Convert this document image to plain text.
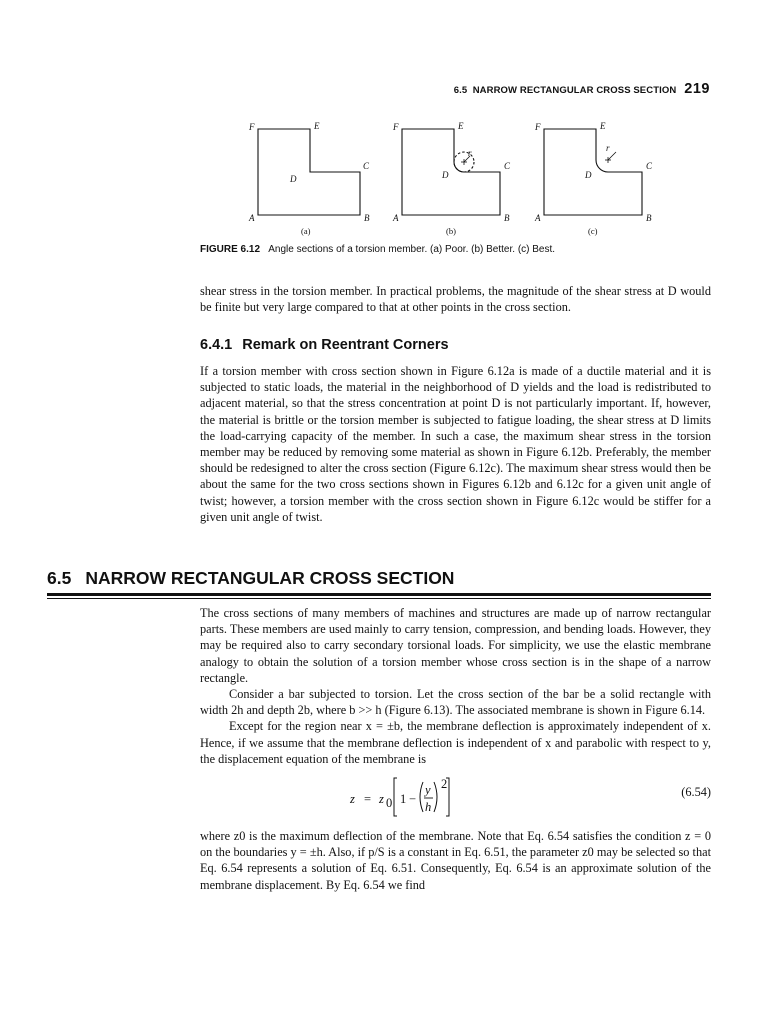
6.5
NARROW RECTANGULAR CROSS SECTION 219
F	E
C
D
A	B
(a)
F	E
C
D
r
A	B
(b)
F	E
C
D
r
A	B
(c)
FIGURE 6.12 Angle sections of a torsion member. (a) Poor. (b) Better. (c) Best.

shear stress in the torsion member. In practical problems, the magnitude of the shear stress at D would be finite but very large compared to that at other points in the cross section.

6.4.1 Remark on Reentrant Corners

If a torsion member with cross section shown in Figure 6.12a is made of a ductile material and it is subjected to static loads, the material in the neighborhood of D yields and the load is redistributed to adjacent material, so that the stress concentration at point D is not particularly important. If, however, the material is brittle or the torsion member is subjected to fatigue loading, the shear stress at D limits the load-carrying capacity of the member. In such a case, the maximum shear stress in the torsion member may be reduced by removing some material as shown in Figure 6.12b. Preferably, the member should be redesigned to alter the cross section (Figure 6.12c). The maximum shear stress would then be about the same for the two cross sections shown in Figures 6.12b and 6.12c for a given unit angle of twist; however, a torsion member with the cross section shown in Figure 6.12c would be stiffer for a given unit angle of twist.

6.5 NARROW RECTANGULAR CROSS SECTION

The cross sections of many members of machines and structures are made up of narrow rectangular parts. These members are used mainly to carry tension, compression, and bending loads. However, they may be required also to carry secondary torsional loads. For simplicity, we use the elastic membrane analogy to obtain the solution of a torsion member whose cross section is in the shape of a narrow rectangle.

Consider a bar subjected to torsion. Let the cross section of the bar be a solid rectangle with width 2h and depth 2b, where b >> h (Figure 6.13). The associated membrane is shown in Figure 6.14.

Except for the region near x = ±b, the membrane deflection is approximately independent of x. Hence, if we assume that the membrane deflection is independent of x and parabolic with respect to y, the displacement equation of the membrane is

z = z 0 1 −
y
h
2
(6.54)

where z0 is the maximum deflection of the membrane. Note that Eq. 6.54 satisfies the condition z = 0 on the boundaries y = ±h. Also, if p/S is a constant in Eq. 6.51, the parameter z0 may be selected so that Eq. 6.54 represents a solution of Eq. 6.51. Consequently, Eq. 6.54 is an approximate solution of the membrane displacement. By Eq. 6.54 we find
